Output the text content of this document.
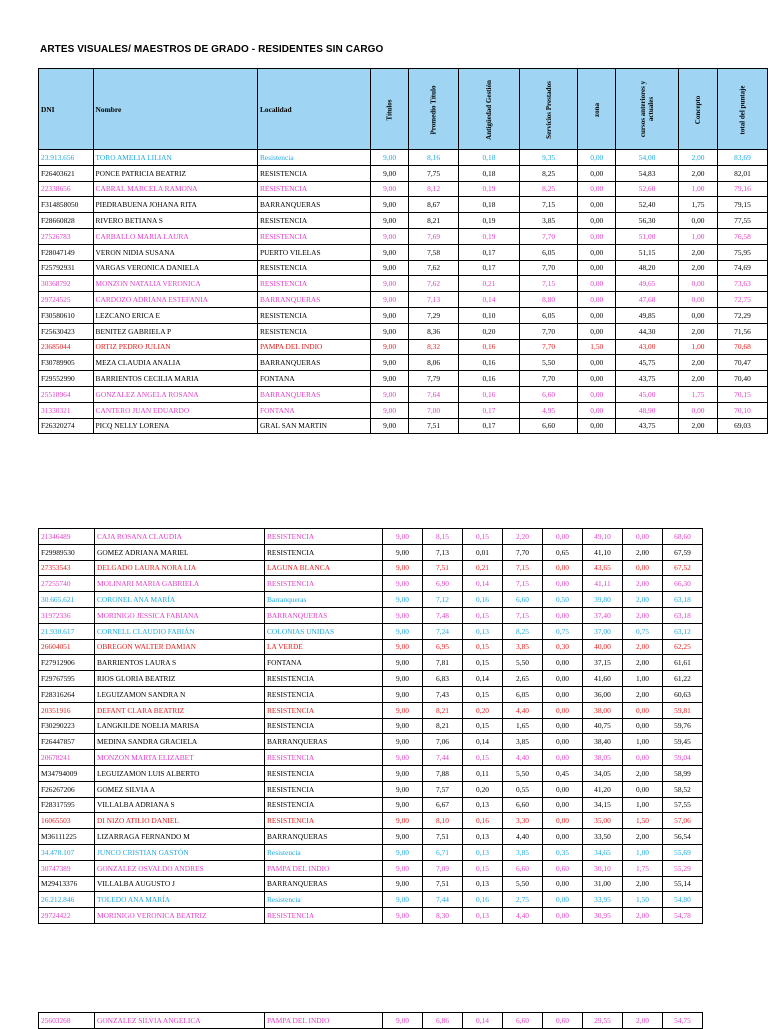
ARTES VISUALES/ MAESTROS DE GRADO - RESIDENTES SIN CARGO
DNI	Nombre	Localidad	Títulos	Promedio Título	Antigüedad Gestión	Servicios Prestados	zona	cursos anteriores y actuales	Concepto	total del puntaje
23.913.656	TORO AMELIA LILIAN	Resistencia	9,00	8,16	0,18	9,35	0,00	54,00	2,00	83,69
F26403621	PONCE PATRICIA BEATRIZ	RESISTENCIA	9,00	7,75	0,18	8,25	0,00	54,83	2,00	82,01
22338656	CABRAL MARCELA RAMONA	RESISTENCIA	9,00	8,12	0,19	8,25	0,00	52,60	1,00	79,16
F314858050	PIEDRABUENA JOHANA RITA	BARRANQUERAS	9,00	8,67	0,18	7,15	0,00	52,40	1,75	79,15
F28660828	RIVERO BETIANA S	RESISTENCIA	9,00	8,21	0,19	3,85	0,00	56,30	0,00	77,55
27526783	CARBALLO MARIA LAURA	RESISTENCIA	9,00	7,69	0,19	7,70	0,00	51,00	1,00	76,58
F28047149	VERON NIDIA SUSANA	PUERTO VILELAS	9,00	7,58	0,17	6,05	0,00	51,15	2,00	75,95
F25792931	VARGAS VERONICA DANIELA	RESISTENCIA	9,00	7,62	0,17	7,70	0,00	48,20	2,00	74,69
30368792	MONZON NATALIA VERONICA	RESISTENCIA	9,00	7,62	0,21	7,15	0,00	49,65	0,00	73,63
29724525	CARDOZO ADRIANA ESTEFANIA	BARRANQUERAS	9,00	7,13	0,14	8,80	0,00	47,68	0,00	72,75
F30580610	LEZCANO ERICA E	RESISTENCIA	9,00	7,29	0,10	6,05	0,00	49,85	0,00	72,29
F25630423	BENITEZ GABRIELA P	RESISTENCIA	9,00	8,36	0,20	7,70	0,00	44,30	2,00	71,56
23685044	ORTIZ PEDRO JULIAN	PAMPA DEL INDIO	9,00	8,32	0,16	7,70	1,50	43,00	1,00	70,68
F30789905	MEZA CLAUDIA ANALIA	BARRANQUERAS	9,00	8,06	0,16	5,50	0,00	45,75	2,00	70,47
F29552990	BARRIENTOS CECILIA MARIA	FONTANA	9,00	7,79	0,16	7,70	0,00	43,75	2,00	70,40
25518964	GONZALEZ ANGELA ROSANA	BARRANQUERAS	9,00	7,64	0,16	6,60	0,00	45,00	1,75	70,15
31330321	CANTERO JUAN EDUARDO	FONTANA	9,00	7,00	0,17	4,95	0,00	48,90	0,00	70,10
F26320274	PICQ NELLY LORENA	GRAL SAN MARTIN	9,00	7,51	0,17	6,60	0,00	43,75	2,00	69,03
21346489	CAJA ROSANA CLAUDIA	RESISTENCIA	9,00	8,15	0,15	2,20	0,00	49,10	0,00	68,60
F29989530	GOMEZ ADRIANA MARIEL	RESISTENCIA	9,00	7,13	0,01	7,70	0,65	41,10	2,00	67,59
27353543	DELGADO LAURA NORA LIA	LAGUNA BLANCA	9,00	7,51	0,21	7,15	0,00	43,65	0,00	67,52
27255740	MOLINARI MARIA GABRIELA	RESISTENCIA	9,00	6,90	0,14	7,15	0,00	41,11	2,00	66,30
30.665.621	CORONEL ANA MARÍA	Barranqueras	9,00	7,12	0,16	6,60	0,50	39,80	2,00	63,18
31972336	MORINIGO JESSICA FABIANA	BARRANQUERAS	9,00	7,48	0,15	7,15	0,00	37,40	2,00	63,18
21.930.617	CORNELL CLAUDIO FABIÁN	COLONIAS UNIDAS	9,00	7,24	0,13	8,25	0,75	37,00	0,75	63,12
26604051	OBREGON WALTER DAMIAN	LA VERDE	9,00	6,95	0,15	3,85	0,30	40,00	2,00	62,25
F27912906	BARRIENTOS LAURA S	FONTANA	9,00	7,81	0,15	5,50	0,00	37,15	2,00	61,61
F29767595	RIOS GLORIA BEATRIZ	RESISTENCIA	9,00	6,83	0,14	2,65	0,00	41,60	1,00	61,22
F28316264	LEGUIZAMON SANDRA N	RESISTENCIA	9,00	7,43	0,15	6,05	0,00	36,00	2,00	60,63
20351916	DEFANT CLARA BEATRIZ	RESISTENCIA	9,00	8,21	0,20	4,40	0,00	38,00	0,00	59,81
F30290223	LANGKILDE NOELIA MARISA	RESISTENCIA	9,00	8,21	0,15	1,65	0,00	40,75	0,00	59,76
F26447857	MEDINA SANDRA GRACIELA	BARRANQUERAS	9,00	7,06	0,14	3,85	0,00	38,40	1,00	59,45
20678241	MONZON MARTA ELIZABET	RESISTENCIA	9,00	7,44	0,15	4,40	0,00	38,05	0,00	59,04
M34794009	LEGUIZAMON LUIS ALBERTO	RESISTENCIA	9,00	7,88	0,11	5,50	0,45	34,05	2,00	58,99
F26267206	GOMEZ SILVIA A	RESISTENCIA	9,00	7,57	0,20	0,55	0,00	41,20	0,00	58,52
F28317595	VILLALBA ADRIANA S	RESISTENCIA	9,00	6,67	0,13	6,60	0,00	34,15	1,00	57,55
16065503	DI NIZO ATILIO DANIEL	RESISTENCIA	9,00	8,10	0,16	3,30	0,00	35,00	1,50	57,06
M36111225	LIZARRAGA FERNANDO M	BARRANQUERAS	9,00	7,51	0,13	4,40	0,00	33,50	2,00	56,54
34.478.107	JUNCO CRISTIAN GASTÓN	Resistencia	9,00	6,71	0,13	3,85	0,35	34,65	1,00	55,69
30747389	GONZALEZ OSVALDO ANDRES	PAMPA DEL INDIO	9,00	7,09	0,15	6,60	0,60	30,10	1,75	55,29
M29413376	VILLALBA AUGUSTO J	BARRANQUERAS	9,00	7,51	0,13	5,50	0,00	31,00	2,00	55,14
26.212.846	TOLEDO ANA MARÍA	Resistencia	9,00	7,44	0,16	2,75	0,00	33,95	1,50	54,80
29724422	MORINIGO VERONICA BEATRIZ	RESISTENCIA	9,00	8,30	0,13	4,40	0,00	30,95	2,00	54,78
25603268	GONZALEZ SILVIA ANGELICA	PAMPA DEL INDIO	9,00	6,86	0,14	6,60	0,60	29,55	2,00	54,75
